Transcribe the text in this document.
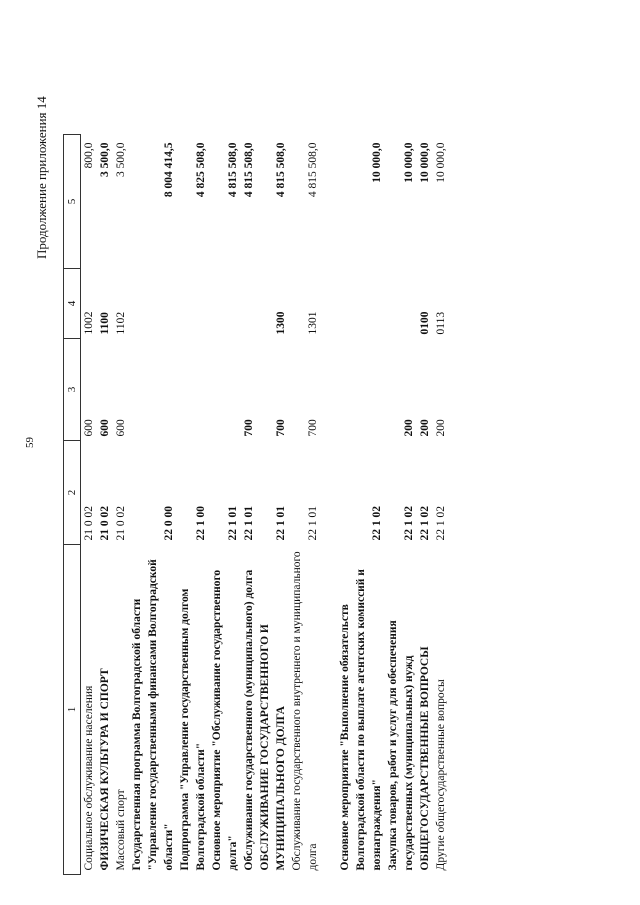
59
Продолжение приложения 14
1	2	3	4	5
Социальное обслуживание населения	21 0 02	600	1002	800,0
ФИЗИЧЕСКАЯ КУЛЬТУРА И СПОРТ	21 0 02	600	1100	3 500,0
Массовый спорт	21 0 02	600	1102	3 500,0
Государственная программа Волгоградской области "Управление государственными финансами Волгоградской области"	22 0 00			8 004 414,5
Подпрограмма "Управление государственным долгом Волгоградской области"	22 1 00			4 825 508,0
Основное мероприятие "Обслуживание государственного долга"	22 1 01			4 815 508,0
Обслуживание государственного (муниципального) долга	22 1 01	700		4 815 508,0
ОБСЛУЖИВАНИЕ ГОСУДАРСТВЕННОГО И МУНИЦИПАЛЬНОГО ДОЛГА	22 1 01	700	1300	4 815 508,0
Обслуживание государственного внутреннего и муниципального долга	22 1 01	700	1301	4 815 508,0

Основное мероприятие "Выполнение обязательств Волгоградской области по выплате агентских комиссий и вознаграждения"	22 1 02			10 000,0
Закупка товаров, работ и услуг для обеспечения государственных (муниципальных) нужд	22 1 02	200		10 000,0
ОБЩЕГОСУДАРСТВЕННЫЕ ВОПРОСЫ	22 1 02	200	0100	10 000,0
Другие общегосударственные вопросы	22 1 02	200	0113	10 000,0
